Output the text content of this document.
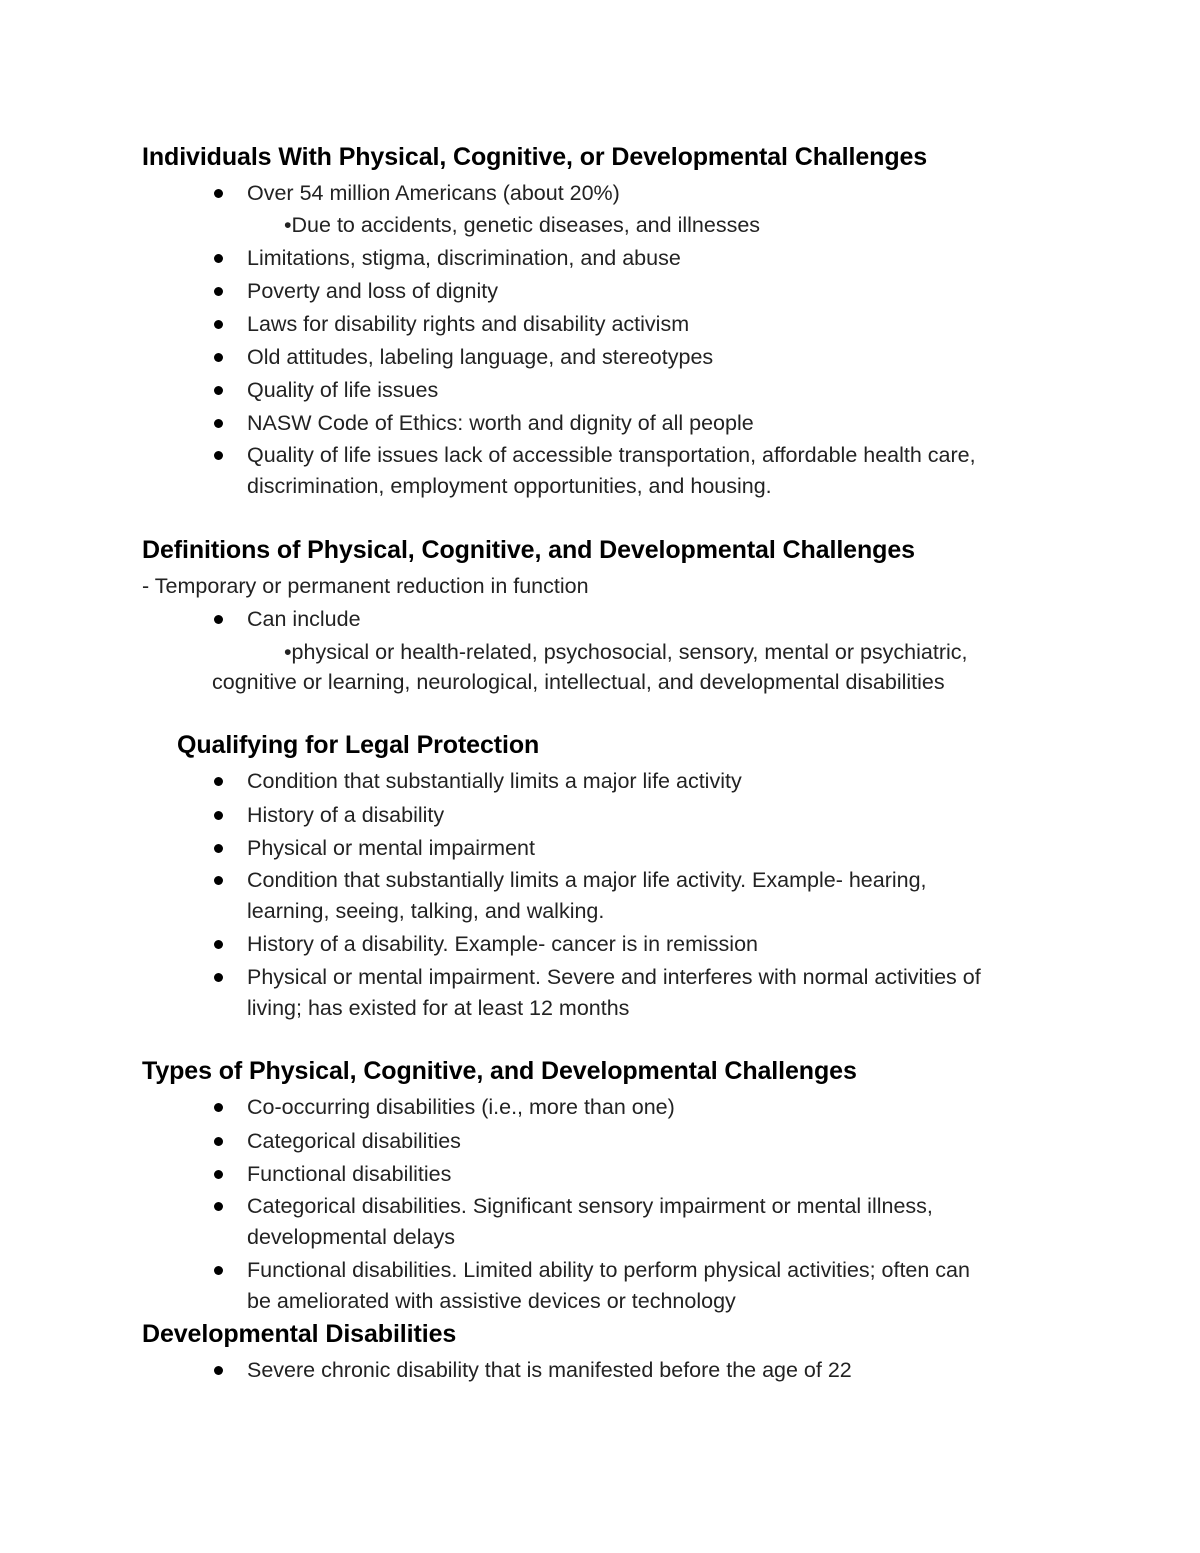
Individuals With Physical, Cognitive, or Developmental Challenges
Over 54 million Americans (about 20%)
•Due to accidents, genetic diseases, and illnesses
Limitations, stigma, discrimination, and abuse
Poverty and loss of dignity
Laws for disability rights and disability activism
Old attitudes, labeling language, and stereotypes
Quality of life issues
NASW Code of Ethics: worth and dignity of all people
Quality of life issues lack of accessible transportation, affordable health care,
discrimination, employment opportunities, and housing.
Definitions of Physical, Cognitive, and Developmental Challenges
- Temporary or permanent reduction in function
Can include
•physical or health-related, psychosocial, sensory, mental or psychiatric,
cognitive or learning, neurological, intellectual, and developmental disabilities
Qualifying for Legal Protection
Condition that substantially limits a major life activity
History of a disability
Physical or mental impairment
Condition that substantially limits a major life activity. Example- hearing,
learning, seeing, talking, and walking.
History of a disability. Example- cancer is in remission
Physical or mental impairment. Severe and interferes with normal activities of
living; has existed for at least 12 months
Types of Physical, Cognitive, and Developmental Challenges
Co-occurring disabilities (i.e., more than one)
Categorical disabilities
Functional disabilities
Categorical disabilities. Significant sensory impairment or mental illness,
developmental delays
Functional disabilities. Limited ability to perform physical activities; often can
be ameliorated with assistive devices or technology
Developmental Disabilities
Severe chronic disability that is manifested before the age of 22
